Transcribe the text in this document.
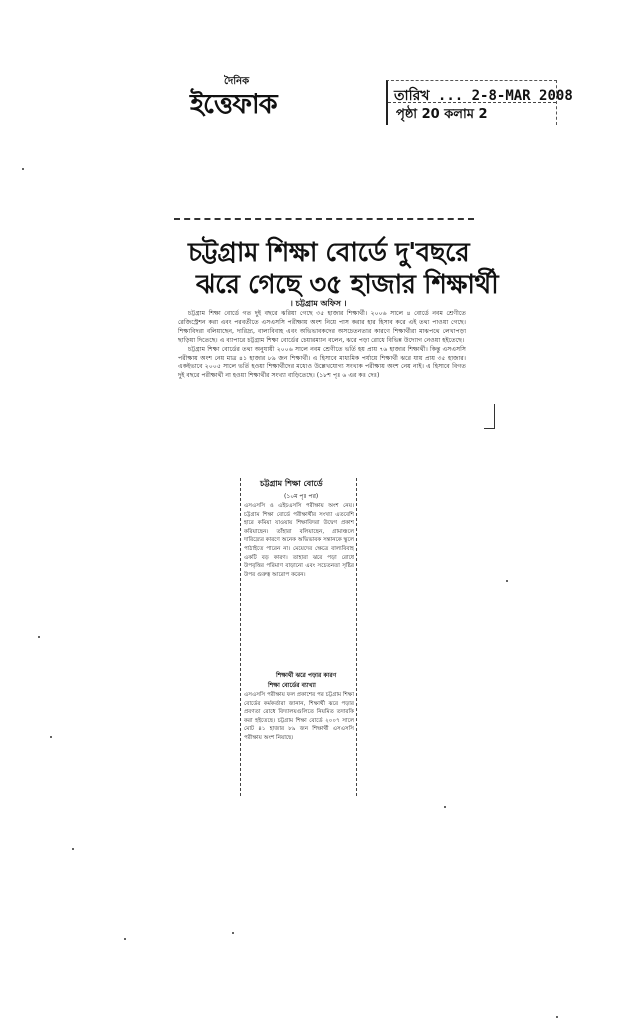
দৈনিক
ইত্তেফাক	তারিখ ... 2-8-MAR 2008
পৃষ্ঠা 20 কলাম 2
চট্টগ্রাম শিক্ষা বোর্ডে দু'বছরে
ঝরে গেছে ৩৫ হাজার শিক্ষার্থী
। চট্টগ্রাম অফিস ।

চট্টগ্রাম শিক্ষা বোর্ডে গত দুই বছরে ঝরিয়া গেছে ৩৫ হাজার শিক্ষার্থী। ২০০৬ সালে ৪ বোর্ডে নবম শ্রেণীতে রেজিস্ট্রেশন করা এবং পরবর্তীতে এসএসসি পরীক্ষায় অংশ নিয়ে পাস করার হার হিসাব করে এই তথ্য পাওয়া গেছে। শিক্ষাবিদরা বলিয়াছেন, দারিদ্র্য, বাল্যবিবাহ এবং অভিভাবকদের অসচেতনতার কারণে শিক্ষার্থীরা মাঝপথে লেখাপড়া ছাড়িয়া দিতেছে। এ ব্যাপারে চট্টগ্রাম শিক্ষা বোর্ডের চেয়ারম্যান বলেন, ঝরে পড়া রোধে বিভিন্ন উদ্যোগ নেওয়া হইতেছে।

চট্টগ্রাম শিক্ষা বোর্ডের তথ্য অনুযায়ী ২০০৬ সালে নবম শ্রেণীতে ভর্তি হয় প্রায় ৭৬ হাজার শিক্ষার্থী। কিন্তু এসএসসি পরীক্ষায় অংশ নেয় মাত্র ৪১ হাজার ৮৯ জন শিক্ষার্থী। এ হিসাবে মাধ্যমিক পর্যায়ে শিক্ষার্থী ঝরে যায় প্রায় ৩৫ হাজার। একইভাবে ২০০৫ সালে ভর্তি হওয়া শিক্ষার্থীদের মধ্যেও উল্লেখযোগ্য সংখ্যক পরীক্ষায় অংশ নেয় নাই। এ হিসাবে বিগত দুই বছরে পরীক্ষার্থী না হওয়া শিক্ষার্থীর সংখ্যা বাড়িতেছে। (১৮শ পৃঃ ৬ এর কঃ দেঃ)

চট্টগ্রাম শিক্ষা বোর্ডে
(১০ম পৃঃ পর)
এসএসসি ও এইচএসসি পরীক্ষায় অংশ নেয়। চট্টগ্রাম শিক্ষা বোর্ডে পরীক্ষার্থীর সংখ্যা এতবেশি হারে কমিয়া যাওয়ায় শিক্ষাবিদরা উদ্বেগ প্রকাশ করিয়াছেন। তাঁহারা বলিয়াছেন, গ্রামাঞ্চলে দারিদ্র্যের কারণে অনেক অভিভাবক সন্তানকে স্কুলে পাঠাইতে পারেন না। মেয়েদের ক্ষেত্রে বাল্যবিবাহ একটি বড় কারণ। তাহারা ঝরে পড়া রোধে উপবৃত্তির পরিমাণ বাড়ানো এবং সচেতনতা সৃষ্টির উপর গুরুত্ব আরোপ করেন।
শিক্ষার্থী ঝরে পড়ার কারণ
শিক্ষা বোর্ডের ব্যাখ্যা
এসএসসি পরীক্ষায় ফল প্রকাশের পর চট্টগ্রাম শিক্ষা বোর্ডের কর্মকর্তারা জানান, শিক্ষার্থী ঝরে পড়ার প্রবণতা রোধে বিদ্যালয়গুলিতে নিয়মিত তদারকি করা হইতেছে। চট্টগ্রাম শিক্ষা বোর্ডে ২০০৭ সালে মোট ৪১ হাজার ৮৯ জন শিক্ষার্থী এসএসসি পরীক্ষায় অংশ নিয়াছে।
